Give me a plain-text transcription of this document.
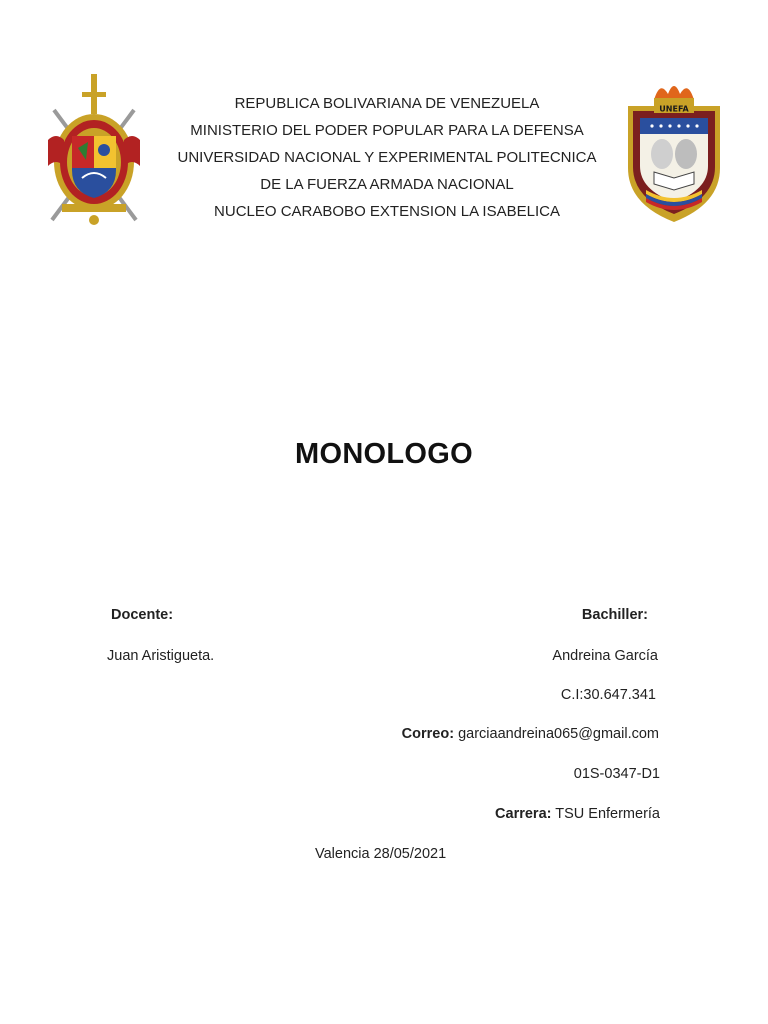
UNEFA
REPUBLICA BOLIVARIANA DE VENEZUELA
MINISTERIO DEL PODER POPULAR PARA LA DEFENSA
UNIVERSIDAD NACIONAL Y EXPERIMENTAL POLITECNICA
DE LA FUERZA ARMADA NACIONAL
NUCLEO CARABOBO EXTENSION LA ISABELICA
MONOLOGO
Docente:
Juan Aristigueta.
Bachiller:
Andreina García
C.I:30.647.341
Correo: garciaandreina065@gmail.com
01S-0347-D1
Carrera: TSU Enfermería
Valencia 28/05/2021
